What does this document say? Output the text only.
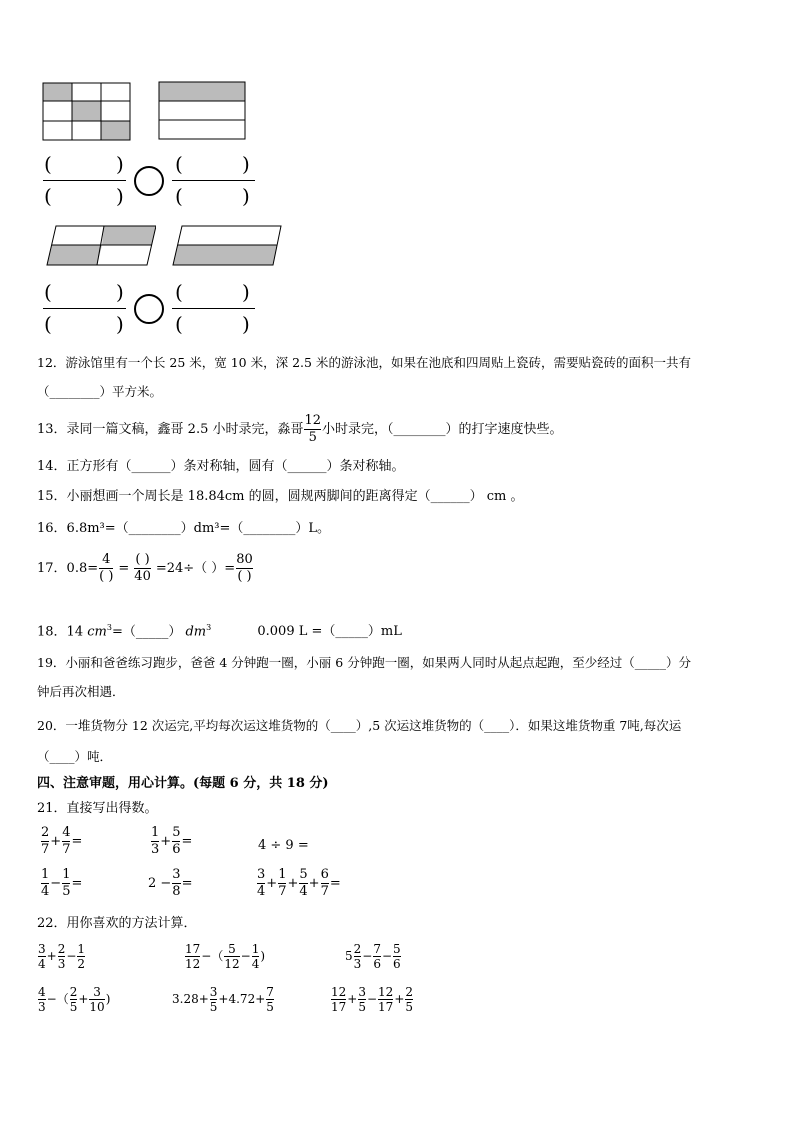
(	)
(	)
(	)
(	)
(	)
(	)
(	)
(	)
12．游泳馆里有一个长 25 米，宽 10 米，深 2.5 米的游泳池，如果在池底和四周贴上瓷砖，需要贴瓷砖的面积一共有
（________）平方米。
13．录同一篇文稿，鑫哥 2.5 小时录完，淼哥 $\frac{12}{5}$ 小时录完，（________）的打字速度快些。
14．正方形有（______）条对称轴，圆有（______）条对称轴。
15．小丽想画一个周长是 18.84cm 的圆，圆规两脚间的距离得定（______） cm 。
16．6.8m³=（________）dm³=（________）L。
17．0.8=
4
( )
=
( )
40
=24÷（ ）=
80
( )
18．14 $cm^3=(\_\_\_\_\_)$ $dm^3$	0.009 L =（_____）mL
19．小丽和爸爸练习跑步，爸爸 4 分钟跑一圈，小丽 6 分钟跑一圈，如果两人同时从起点起跑，至少经过（_____）分
钟后再次相遇．
20．一堆货物分 12 次运完,平均每次运这堆货物的（____）,5 次运这堆货物的（____）．如果这堆货物重 7吨,每次运
（____）吨．
四、注意审题，用心计算。(每题 6 分，共 18 分)
21．直接写出得数。
$\frac{2}{7} + \frac{4}{7}$ =	$\frac{1}{3} + \frac{5}{6}$ =	4 ÷ 9 =
$\frac{1}{4} - \frac{1}{5}$ =	$2 - \frac{3}{8}$ =	$\frac{3}{4} + \frac{1}{7} + \frac{5}{4} + \frac{6}{7}$ =
22．用你喜欢的方法计算．
$\frac{3}{4} + \frac{2}{3} - \frac{1}{2}$	$\frac{17}{12}$ −（ $\frac{5}{12} - \frac{1}{4}$ )	$5 \frac{2}{3} - \frac{7}{6} - \frac{5}{6}$
$\frac{4}{3}$ −（ $\frac{2}{5} + \frac{3}{10}$ )	$3.28+ \frac{3}{5} +4.72+ \frac{7}{5}$	$\frac{12}{17} + \frac{3}{5} - \frac{12}{17} + \frac{2}{5}$
